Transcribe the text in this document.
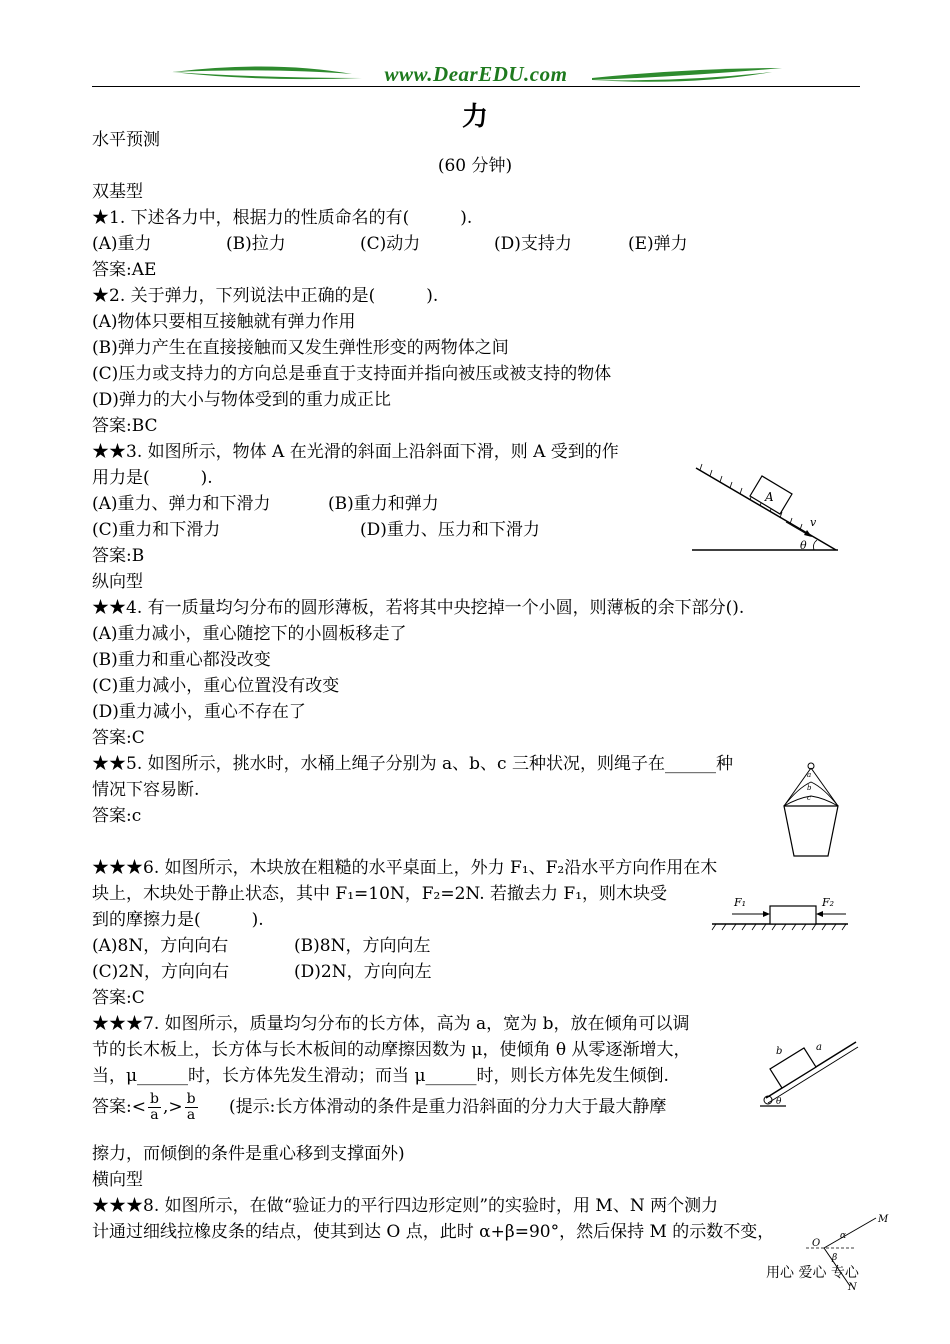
www.DearEDU.com
力
水平预测
(60 分钟)
双基型
★1. 下述各力中，根据力的性质命名的有(　　　).
(A)重力	(B)拉力	(C)动力	(D)支持力	(E)弹力
答案:AE
★2. 关于弹力，下列说法中正确的是(　　　).
(A)物体只要相互接触就有弹力作用
(B)弹力产生在直接接触而又发生弹性形变的两物体之间
(C)压力或支持力的方向总是垂直于支持面并指向被压或被支持的物体
(D)弹力的大小与物体受到的重力成正比
答案:BC
★★3. 如图所示，物体 A 在光滑的斜面上沿斜面下滑，则 A 受到的作
用力是(　　　).
(A)重力、弹力和下滑力	(B)重力和弹力
(C)重力和下滑力	(D)重力、压力和下滑力
答案:B
A
v
θ
纵向型
★★4. 有一质量均匀分布的圆形薄板，若将其中央挖掉一个小圆，则薄板的余下部分().
(A)重力减小，重心随挖下的小圆板移走了
(B)重力和重心都没改变
(C)重力减小，重心位置没有改变
(D)重力减小，重心不存在了
答案:C
★★5. 如图所示，挑水时，水桶上绳子分别为 a、b、c 三种状况，则绳子在______种
情况下容易断.
答案:c
a
b
c
★★★6. 如图所示，木块放在粗糙的水平桌面上，外力 F₁、F₂沿水平方向作用在木
块上，木块处于静止状态，其中 F₁=10N，F₂=2N. 若撤去力 F₁，则木块受
到的摩擦力是(　　　).
(A)8N，方向向右	(B)8N，方向向左
(C)2N，方向向右	(D)2N，方向向左
答案:C
F₁	F₂
★★★7. 如图所示，质量均匀分布的长方体，高为 a，宽为 b，放在倾角可以调
节的长木板上，长方体与长木板间的动摩擦因数为 μ，使倾角 θ 从零逐渐增大，
当，μ______时，长方体先发生滑动；而当 μ______时，则长方体先发生倾倒.
答案:< $\frac{b}{a}$ ,> $\frac{b}{a}$ (提示:长方体滑动的条件是重力沿斜面的分力大于最大静摩
擦力，而倾倒的条件是重心移到支撑面外)
b	a
θ
横向型
★★★8. 如图所示，在做“验证力的平行四边形定则”的实验时，用 M、N 两个测力
计通过细线拉橡皮条的结点，使其到达 O 点，此时 α+β=90°，然后保持 M 的示数不变，
M
N
O
α
β
用心 爱心 专心
